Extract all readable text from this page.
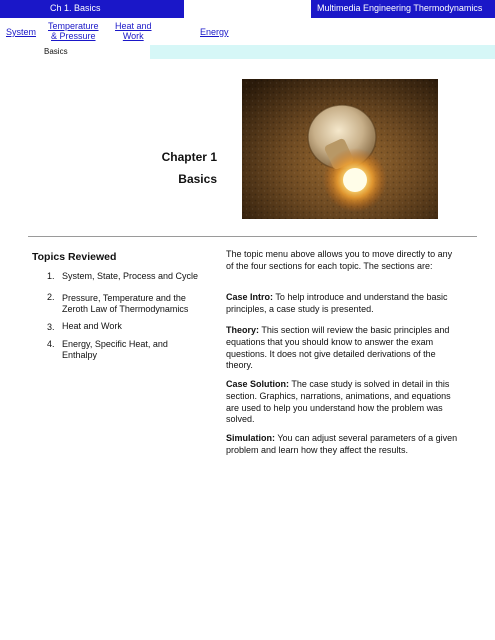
Ch 1. Basics	Multimedia Engineering Thermodynamics
System
Temperature
& Pressure
Heat and
Work	Energy
Basics
Chapter 1
Basics
Topics Reviewed
1. System, State, Process and Cycle
2. Pressure, Temperature and the
Zeroth Law of Thermodynamics
3. Heat and Work
4. Energy, Specific Heat, and
Enthalpy

The topic menu above allows you to move directly to any of the four sections for each topic. The sections are:

Case Intro: To help introduce and understand the basic principles, a case study is presented.

Theory: This section will review the basic principles and equations that you should know to answer the exam questions. It does not give detailed derivations of the theory.

Case Solution: The case study is solved in detail in this section. Graphics, narrations, animations, and equations are used to help you understand how the problem was solved.

Simulation: You can adjust several parameters of a given problem and learn how they affect the results.
